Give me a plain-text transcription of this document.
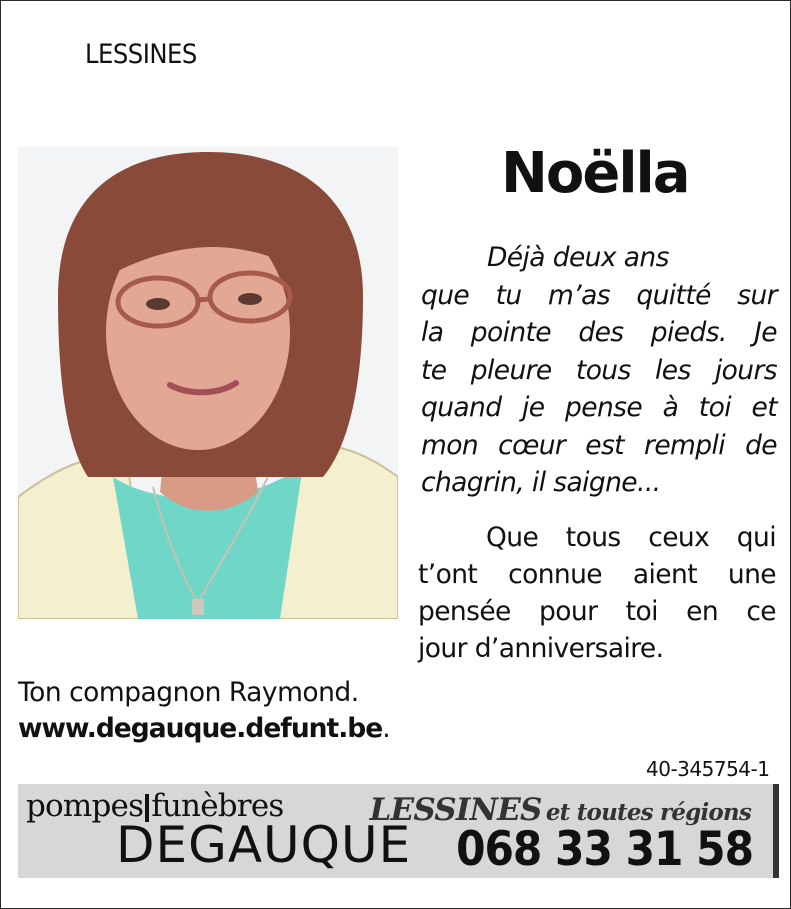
LESSINES
Noëlla
Déjà deux ans
que tu m’as quitté sur
la pointe des pieds. Je
te pleure tous les jours
quand je pense à toi et
mon cœur est rempli de
chagrin, il saigne...
Que tous ceux qui
t’ont connue aient une
pensée pour toi en ce
jour d’anniversaire.
Ton compagnon Raymond.
www.degauque.defunt.be.
40-345754-1
pompes funèbres
DEGAUQUE
LESSINES et toutes régions
068 33 31 58
